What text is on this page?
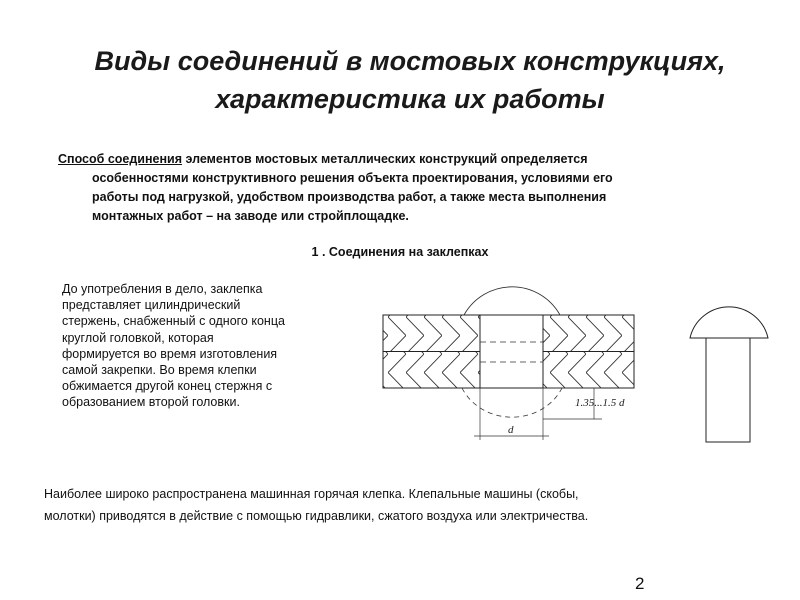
Виды соединений в мостовых конструкциях,
характеристика их работы
Способ соединения элементов мостовых металлических конструкций определяется
особенностями конструктивного решения объекта проектирования, условиями его
работы под нагрузкой, удобством производства работ, а также места выполнения
монтажных работ – на заводе или стройплощадке.
1 . Соединения на заклепках
До употребления в дело, заклепка
представляет цилиндрический
стержень, снабженный с одного конца
круглой головкой, которая
формируется во время изготовления
самой закрепки. Во время клепки
обжимается другой конец стержня с
образованием второй головки.	1.35...1.5 d
d
Наиболее широко распространена машинная горячая клепка. Клепальные машины (скобы,
молотки) приводятся в действие с помощью гидравлики, сжатого воздуха или электричества.
2
